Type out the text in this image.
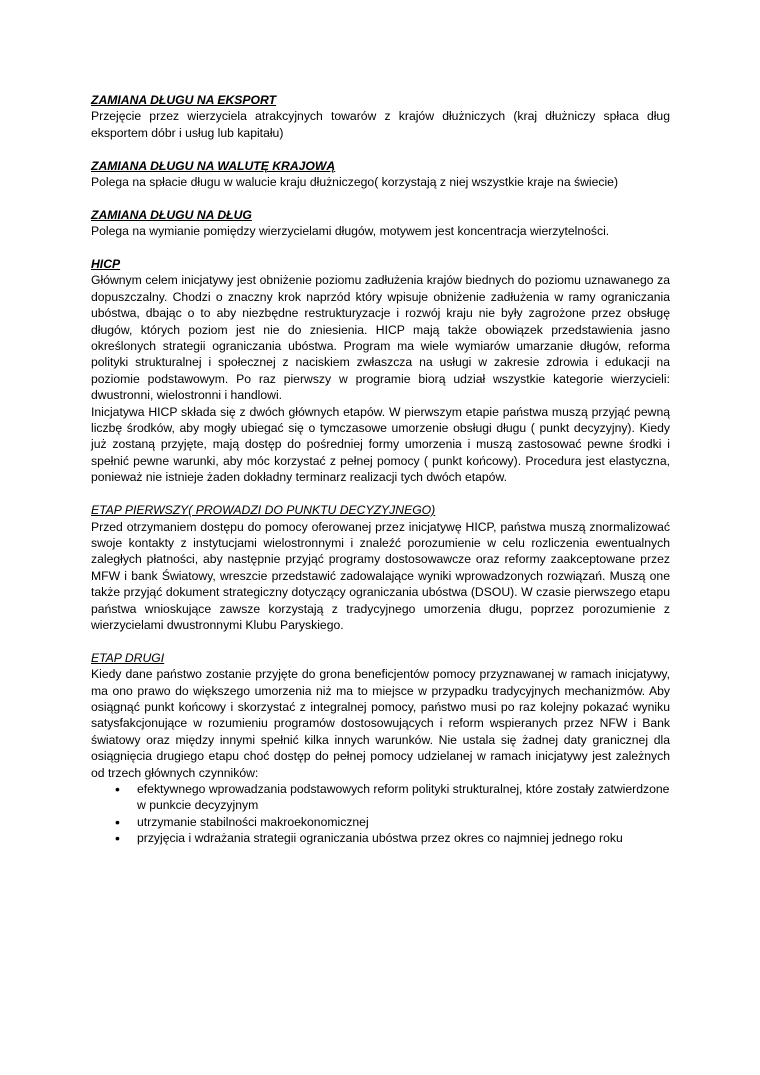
ZAMIANA DŁUGU NA EKSPORT

Przejęcie przez wierzyciela atrakcyjnych towarów z krajów dłużniczych (kraj dłużniczy spłaca dług eksportem dóbr i usług lub kapitału)

ZAMIANA DŁUGU NA WALUTĘ KRAJOWĄ

Polega na spłacie długu w walucie kraju dłużniczego( korzystają z niej wszystkie kraje na świecie)

ZAMIANA DŁUGU NA DŁUG

Polega na wymianie pomiędzy wierzycielami długów, motywem jest koncentracja wierzytelności.

HICP

Głównym celem inicjatywy jest obniżenie poziomu zadłużenia krajów biednych do poziomu uznawanego za dopuszczalny. Chodzi o znaczny krok naprzód który wpisuje obniżenie zadłużenia w ramy ograniczania ubóstwa, dbając o to aby niezbędne restrukturyzacje i rozwój kraju nie były zagrożone przez obsługę długów, których poziom jest nie do zniesienia. HICP mają także obowiązek przedstawienia jasno określonych strategii ograniczania ubóstwa. Program ma wiele wymiarów umarzanie długów, reforma polityki strukturalnej i społecznej z naciskiem zwłaszcza na usługi w zakresie zdrowia i edukacji na poziomie podstawowym. Po raz pierwszy w programie biorą udział wszystkie kategorie wierzycieli: dwustronni, wielostronni i handlowi.

Inicjatywa HICP składa się z dwóch głównych etapów. W pierwszym etapie państwa muszą przyjąć pewną liczbę środków, aby mogły ubiegać się o tymczasowe umorzenie obsługi długu ( punkt decyzyjny). Kiedy już zostaną przyjęte, mają dostęp do pośredniej formy umorzenia i muszą zastosować pewne środki i spełnić pewne warunki, aby móc korzystać z pełnej pomocy ( punkt końcowy). Procedura jest elastyczna, ponieważ nie istnieje żaden dokładny terminarz realizacji tych dwóch etapów.

ETAP PIERWSZY( PROWADZI DO PUNKTU DECYZYJNEGO)

Przed otrzymaniem dostępu do pomocy oferowanej przez inicjatywę HICP, państwa muszą znormalizować swoje kontakty z instytucjami wielostronnymi i znaleźć porozumienie w celu rozliczenia ewentualnych zaległych płatności, aby następnie przyjąć programy dostosowawcze oraz reformy zaakceptowane przez MFW i bank Światowy, wreszcie przedstawić zadowalające wyniki wprowadzonych rozwiązań. Muszą one także przyjąć dokument strategiczny dotyczący ograniczania ubóstwa (DSOU). W czasie pierwszego etapu państwa wnioskujące zawsze korzystają z tradycyjnego umorzenia długu, poprzez porozumienie z wierzycielami dwustronnymi Klubu Paryskiego.

ETAP DRUGI

Kiedy dane państwo zostanie przyjęte do grona beneficjentów pomocy przyznawanej w ramach inicjatywy, ma ono prawo do większego umorzenia niż ma to miejsce w przypadku tradycyjnych mechanizmów. Aby osiągnąć punkt końcowy i skorzystać z integralnej pomocy, państwo musi po raz kolejny pokazać wyniku satysfakcjonujące w rozumieniu programów dostosowujących i reform wspieranych przez NFW i Bank światowy oraz między innymi spełnić kilka innych warunków. Nie ustala się żadnej daty granicznej dla osiągnięcia drugiego etapu choć dostęp do pełnej pomocy udzielanej w ramach inicjatywy jest zależnych od trzech głównych czynników:

• efektywnego wprowadzania podstawowych reform polityki strukturalnej, które zostały zatwierdzone w punkcie decyzyjnym
• utrzymanie stabilności makroekonomicznej
• przyjęcia i wdrażania strategii ograniczania ubóstwa przez okres co najmniej jednego roku
